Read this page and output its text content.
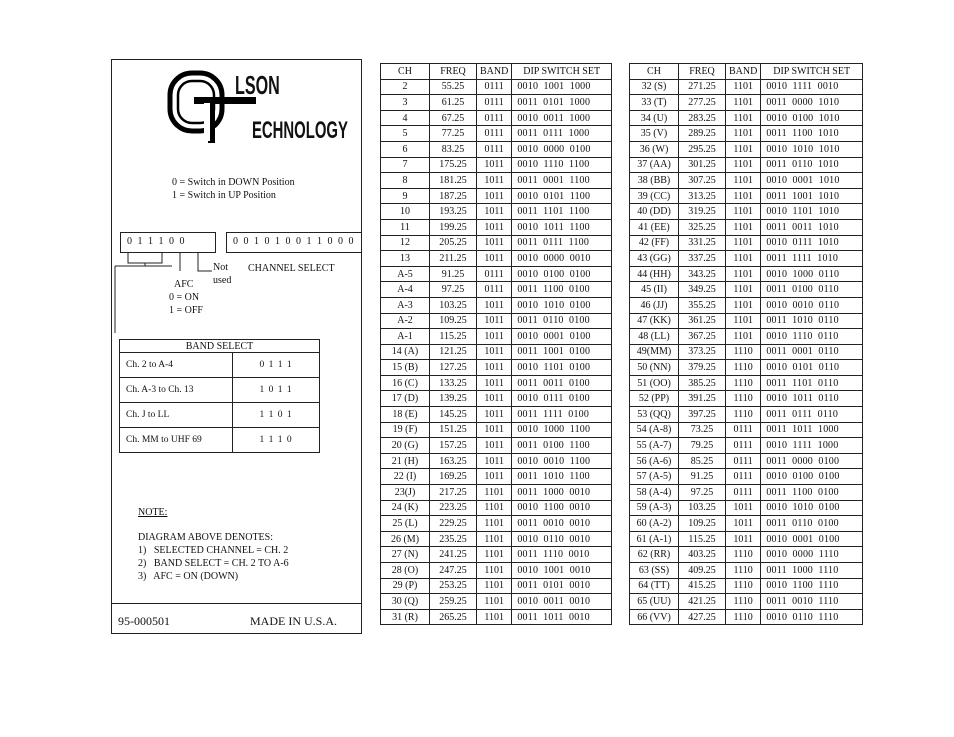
LSON
ECHNOLOGY
0 = Switch in DOWN Position
1 = Switch in UP Position
0 1 1 1 0 0	0 0 1 0 1 0 0 1 1 0 0 0
Not
used
CHANNEL SELECT
AFC
0 = ON
1 = OFF
BAND SELECT
Ch. 2 to A-4	0 1 1 1
Ch. A-3 to Ch. 13	1 0 1 1
Ch. J to LL	1 1 0 1
Ch. MM to UHF 69	1 1 1 0
NOTE:
DIAGRAM ABOVE DENOTES:
1)   SELECTED CHANNEL = CH. 2
2)   BAND SELECT = CH. 2 TO A-6
3)   AFC = ON (DOWN)
95-000501	MADE IN U.S.A.
CH	FREQ	BAND	DIP SWITCH SET
2	55.25	0111	0010  1001  1000
3	61.25	0111	0011  0101  1000
4	67.25	0111	0010  0011  1000
5	77.25	0111	0011  0111  1000
6	83.25	0111	0010  0000  0100
7	175.25	1011	0010  1110  1100
8	181.25	1011	0011  0001  1100
9	187.25	1011	0010  0101  1100
10	193.25	1011	0011  1101  1100
11	199.25	1011	0010  1011  1100
12	205.25	1011	0011  0111  1100
13	211.25	1011	0010  0000  0010
A-5	91.25	0111	0010  0100  0100
A-4	97.25	0111	0011  1100  0100
A-3	103.25	1011	0010  1010  0100
A-2	109.25	1011	0011  0110  0100
A-1	115.25	1011	0010  0001  0100
14 (A)	121.25	1011	0011  1001  0100
15 (B)	127.25	1011	0010  1101  0100
16 (C)	133.25	1011	0011  0011  0100
17 (D)	139.25	1011	0010  0111  0100
18 (E)	145.25	1011	0011  1111  0100
19 (F)	151.25	1011	0010  1000  1100
20 (G)	157.25	1011	0011  0100  1100
21 (H)	163.25	1011	0010  0010  1100
22 (I)	169.25	1011	0011  1010  1100
23(J)	217.25	1101	0011  1000  0010
24 (K)	223.25	1101	0010  1100  0010
25 (L)	229.25	1101	0011  0010  0010
26 (M)	235.25	1101	0010  0110  0010
27 (N)	241.25	1101	0011  1110  0010
28 (O)	247.25	1101	0010  1001  0010
29 (P)	253.25	1101	0011  0101  0010
30 (Q)	259.25	1101	0010  0011  0010
31 (R)	265.25	1101	0011  1011  0010
CH	FREQ	BAND	DIP SWITCH SET
32 (S)	271.25	1101	0010  1111  0010
33 (T)	277.25	1101	0011  0000  1010
34 (U)	283.25	1101	0010  0100  1010
35 (V)	289.25	1101	0011  1100  1010
36 (W)	295.25	1101	0010  1010  1010
37 (AA)	301.25	1101	0011  0110  1010
38 (BB)	307.25	1101	0010  0001  1010
39 (CC)	313.25	1101	0011  1001  1010
40 (DD)	319.25	1101	0010  1101  1010
41 (EE)	325.25	1101	0011  0011  1010
42 (FF)	331.25	1101	0010  0111  1010
43 (GG)	337.25	1101	0011  1111  1010
44 (HH)	343.25	1101	0010  1000  0110
45 (II)	349.25	1101	0011  0100  0110
46 (JJ)	355.25	1101	0010  0010  0110
47 (KK)	361.25	1101	0011  1010  0110
48 (LL)	367.25	1101	0010  1110  0110
49(MM)	373.25	1110	0011  0001  0110
50 (NN)	379.25	1110	0010  0101  0110
51 (OO)	385.25	1110	0011  1101  0110
52 (PP)	391.25	1110	0010  1011  0110
53 (QQ)	397.25	1110	0011  0111  0110
54 (A-8)	73.25	0111	0011  1011  1000
55 (A-7)	79.25	0111	0010  1111  1000
56 (A-6)	85.25	0111	0011  0000  0100
57 (A-5)	91.25	0111	0010  0100  0100
58 (A-4)	97.25	0111	0011  1100  0100
59 (A-3)	103.25	1011	0010  1010  0100
60 (A-2)	109.25	1011	0011  0110  0100
61 (A-1)	115.25	1011	0010  0001  0100
62 (RR)	403.25	1110	0010  0000  1110
63 (SS)	409.25	1110	0011  1000  1110
64 (TT)	415.25	1110	0010  1100  1110
65 (UU)	421.25	1110	0011  0010  1110
66 (VV)	427.25	1110	0010  0110  1110
